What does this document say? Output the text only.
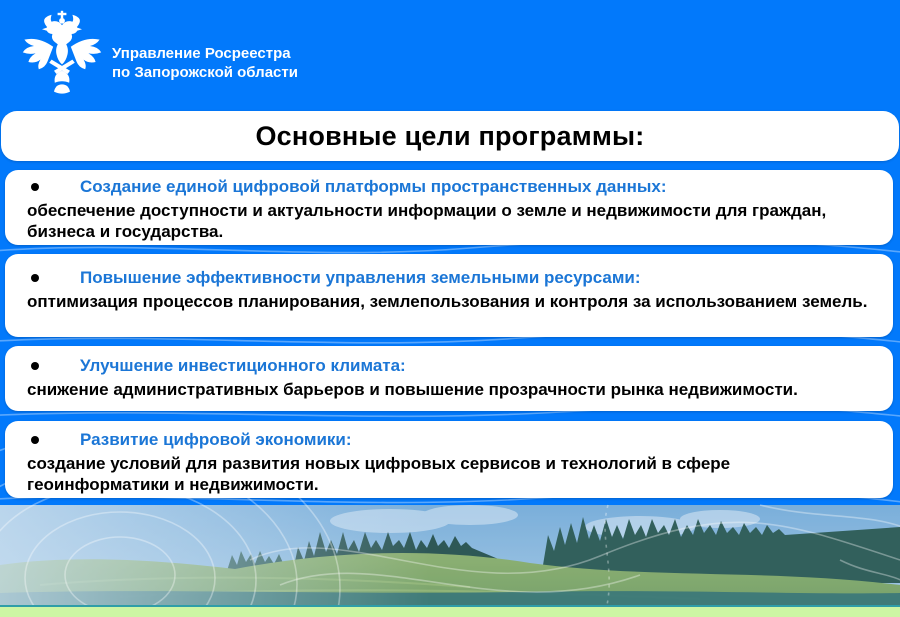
Управление Росреестра
по Запорожской области
Основные цели программы:
Создание единой цифровой платформы пространственных данных:
обеспечение доступности и актуальности информации о земле и недвижимости для граждан, бизнеса и государства.
Повышение эффективности управления земельными ресурсами:
оптимизация процессов планирования, землепользования и контроля за использованием земель.
Улучшение инвестиционного климата:
снижение административных барьеров и повышение прозрачности рынка недвижимости.
Развитие цифровой экономики:
создание условий для развития новых цифровых сервисов и технологий в сфере геоинформатики и недвижимости.
